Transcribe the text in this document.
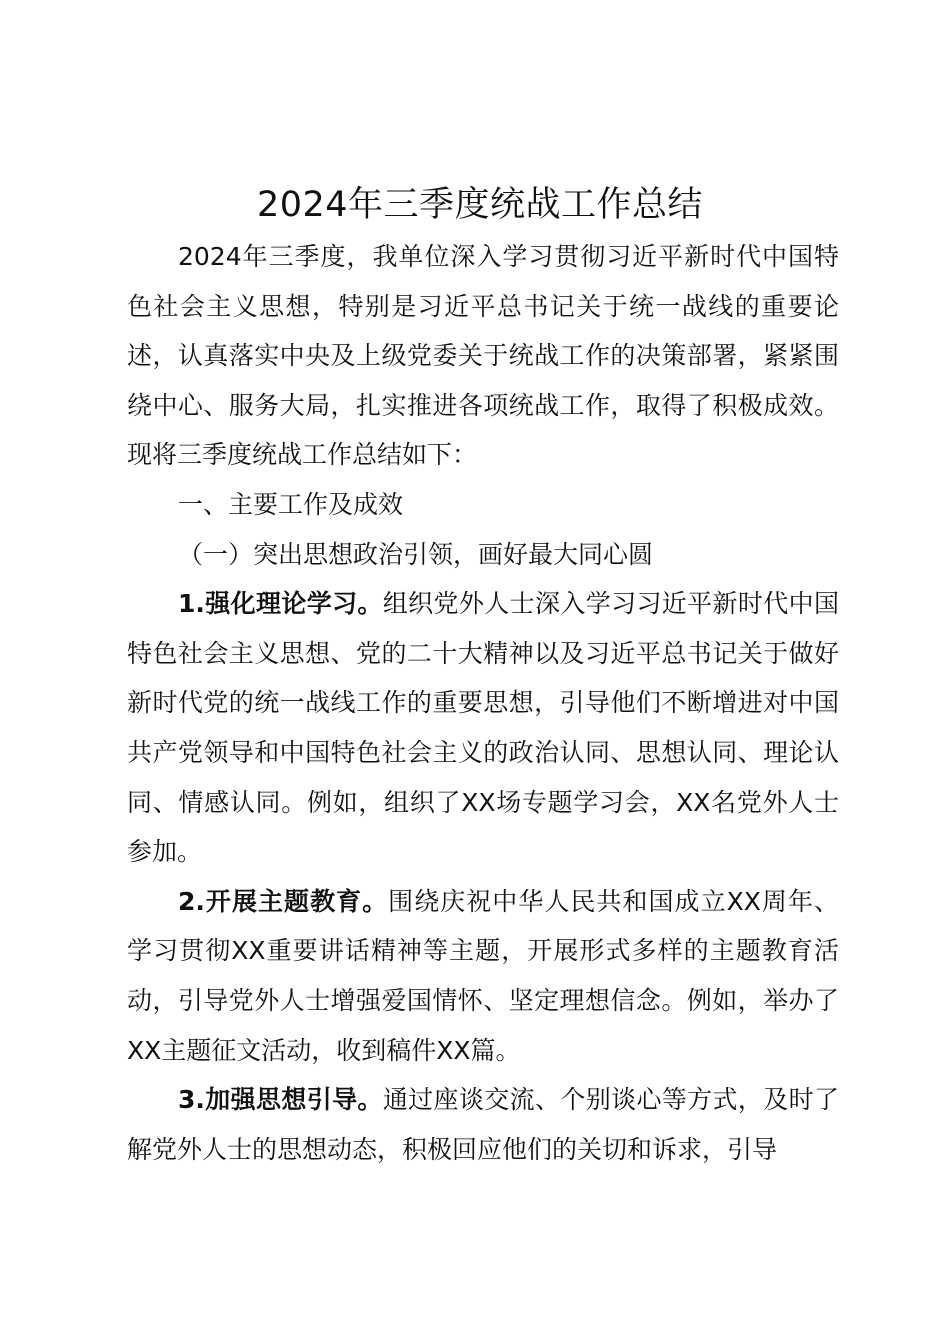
2024年三季度统战工作总结

2024年三季度，我单位深入学习贯彻习近平新时代中国特色社会主义思想，特别是习近平总书记关于统一战线的重要论述，认真落实中央及上级党委关于统战工作的决策部署，紧紧围绕中心、服务大局，扎实推进各项统战工作，取得了积极成效。现将三季度统战工作总结如下：

一、主要工作及成效

（一）突出思想政治引领，画好最大同心圆

1.强化理论学习。组织党外人士深入学习习近平新时代中国特色社会主义思想、党的二十大精神以及习近平总书记关于做好新时代党的统一战线工作的重要思想，引导他们不断增进对中国共产党领导和中国特色社会主义的政治认同、思想认同、理论认同、情感认同。例如，组织了XX场专题学习会，XX名党外人士参加。

2.开展主题教育。围绕庆祝中华人民共和国成立XX周年、学习贯彻XX重要讲话精神等主题，开展形式多样的主题教育活动，引导党外人士增强爱国情怀、坚定理想信念。例如，举办了XX主题征文活动，收到稿件XX篇。

3.加强思想引导。通过座谈交流、个别谈心等方式，及时了解党外人士的思想动态，积极回应他们的关切和诉求，引导
